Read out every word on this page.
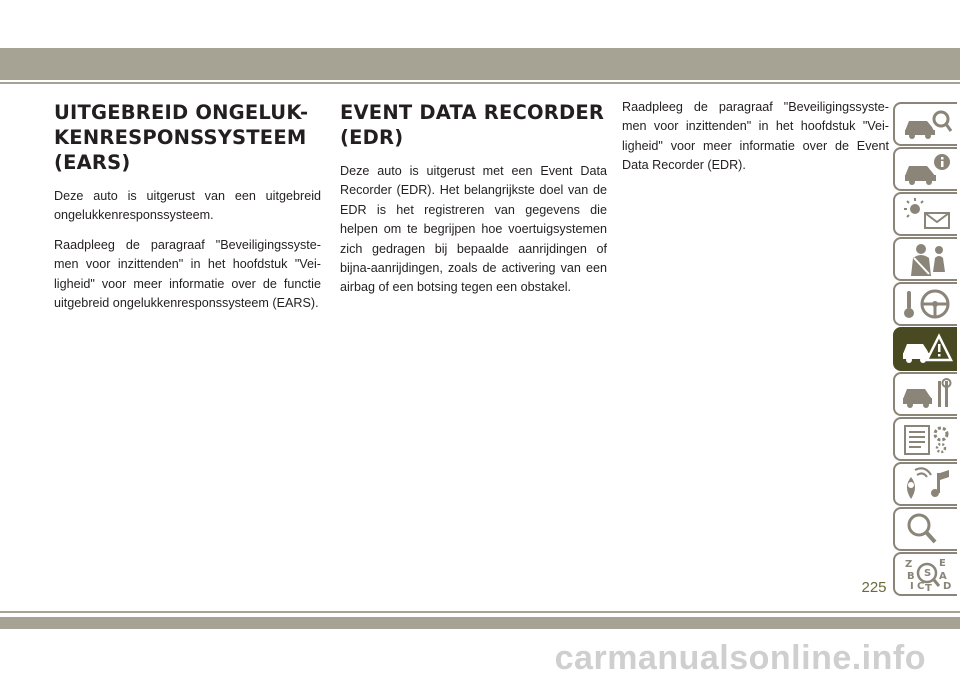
UITGEBREID ONGELUK-
KENRESPONSSYSTEEM
(EARS)

Deze auto is uitgerust van een uitgebreid ongelukkenresponssysteem.

Raadpleeg de paragraaf "Beveiligingssyste-men voor inzittenden" in het hoofdstuk "Vei-ligheid" voor meer informatie over de functie uitgebreid ongelukkenresponssysteem (EARS).

EVENT DATA RECORDER
(EDR)

Deze auto is uitgerust met een Event Data Recorder (EDR). Het belangrijkste doel van de EDR is het registreren van gegevens die helpen om te begrijpen hoe voertuigsystemen zich gedragen bij bepaalde aanrijdingen of bijna-aanrijdingen, zoals de activering van een airbag of een botsing tegen een obstakel.

Raadpleeg de paragraaf "Beveiligingssyste-men voor inzittenden" in het hoofdstuk "Vei-ligheid" voor meer informatie over de Event Data Recorder (EDR).

Z	E
B S A
C D
I T
225
carmanualsonline.info
